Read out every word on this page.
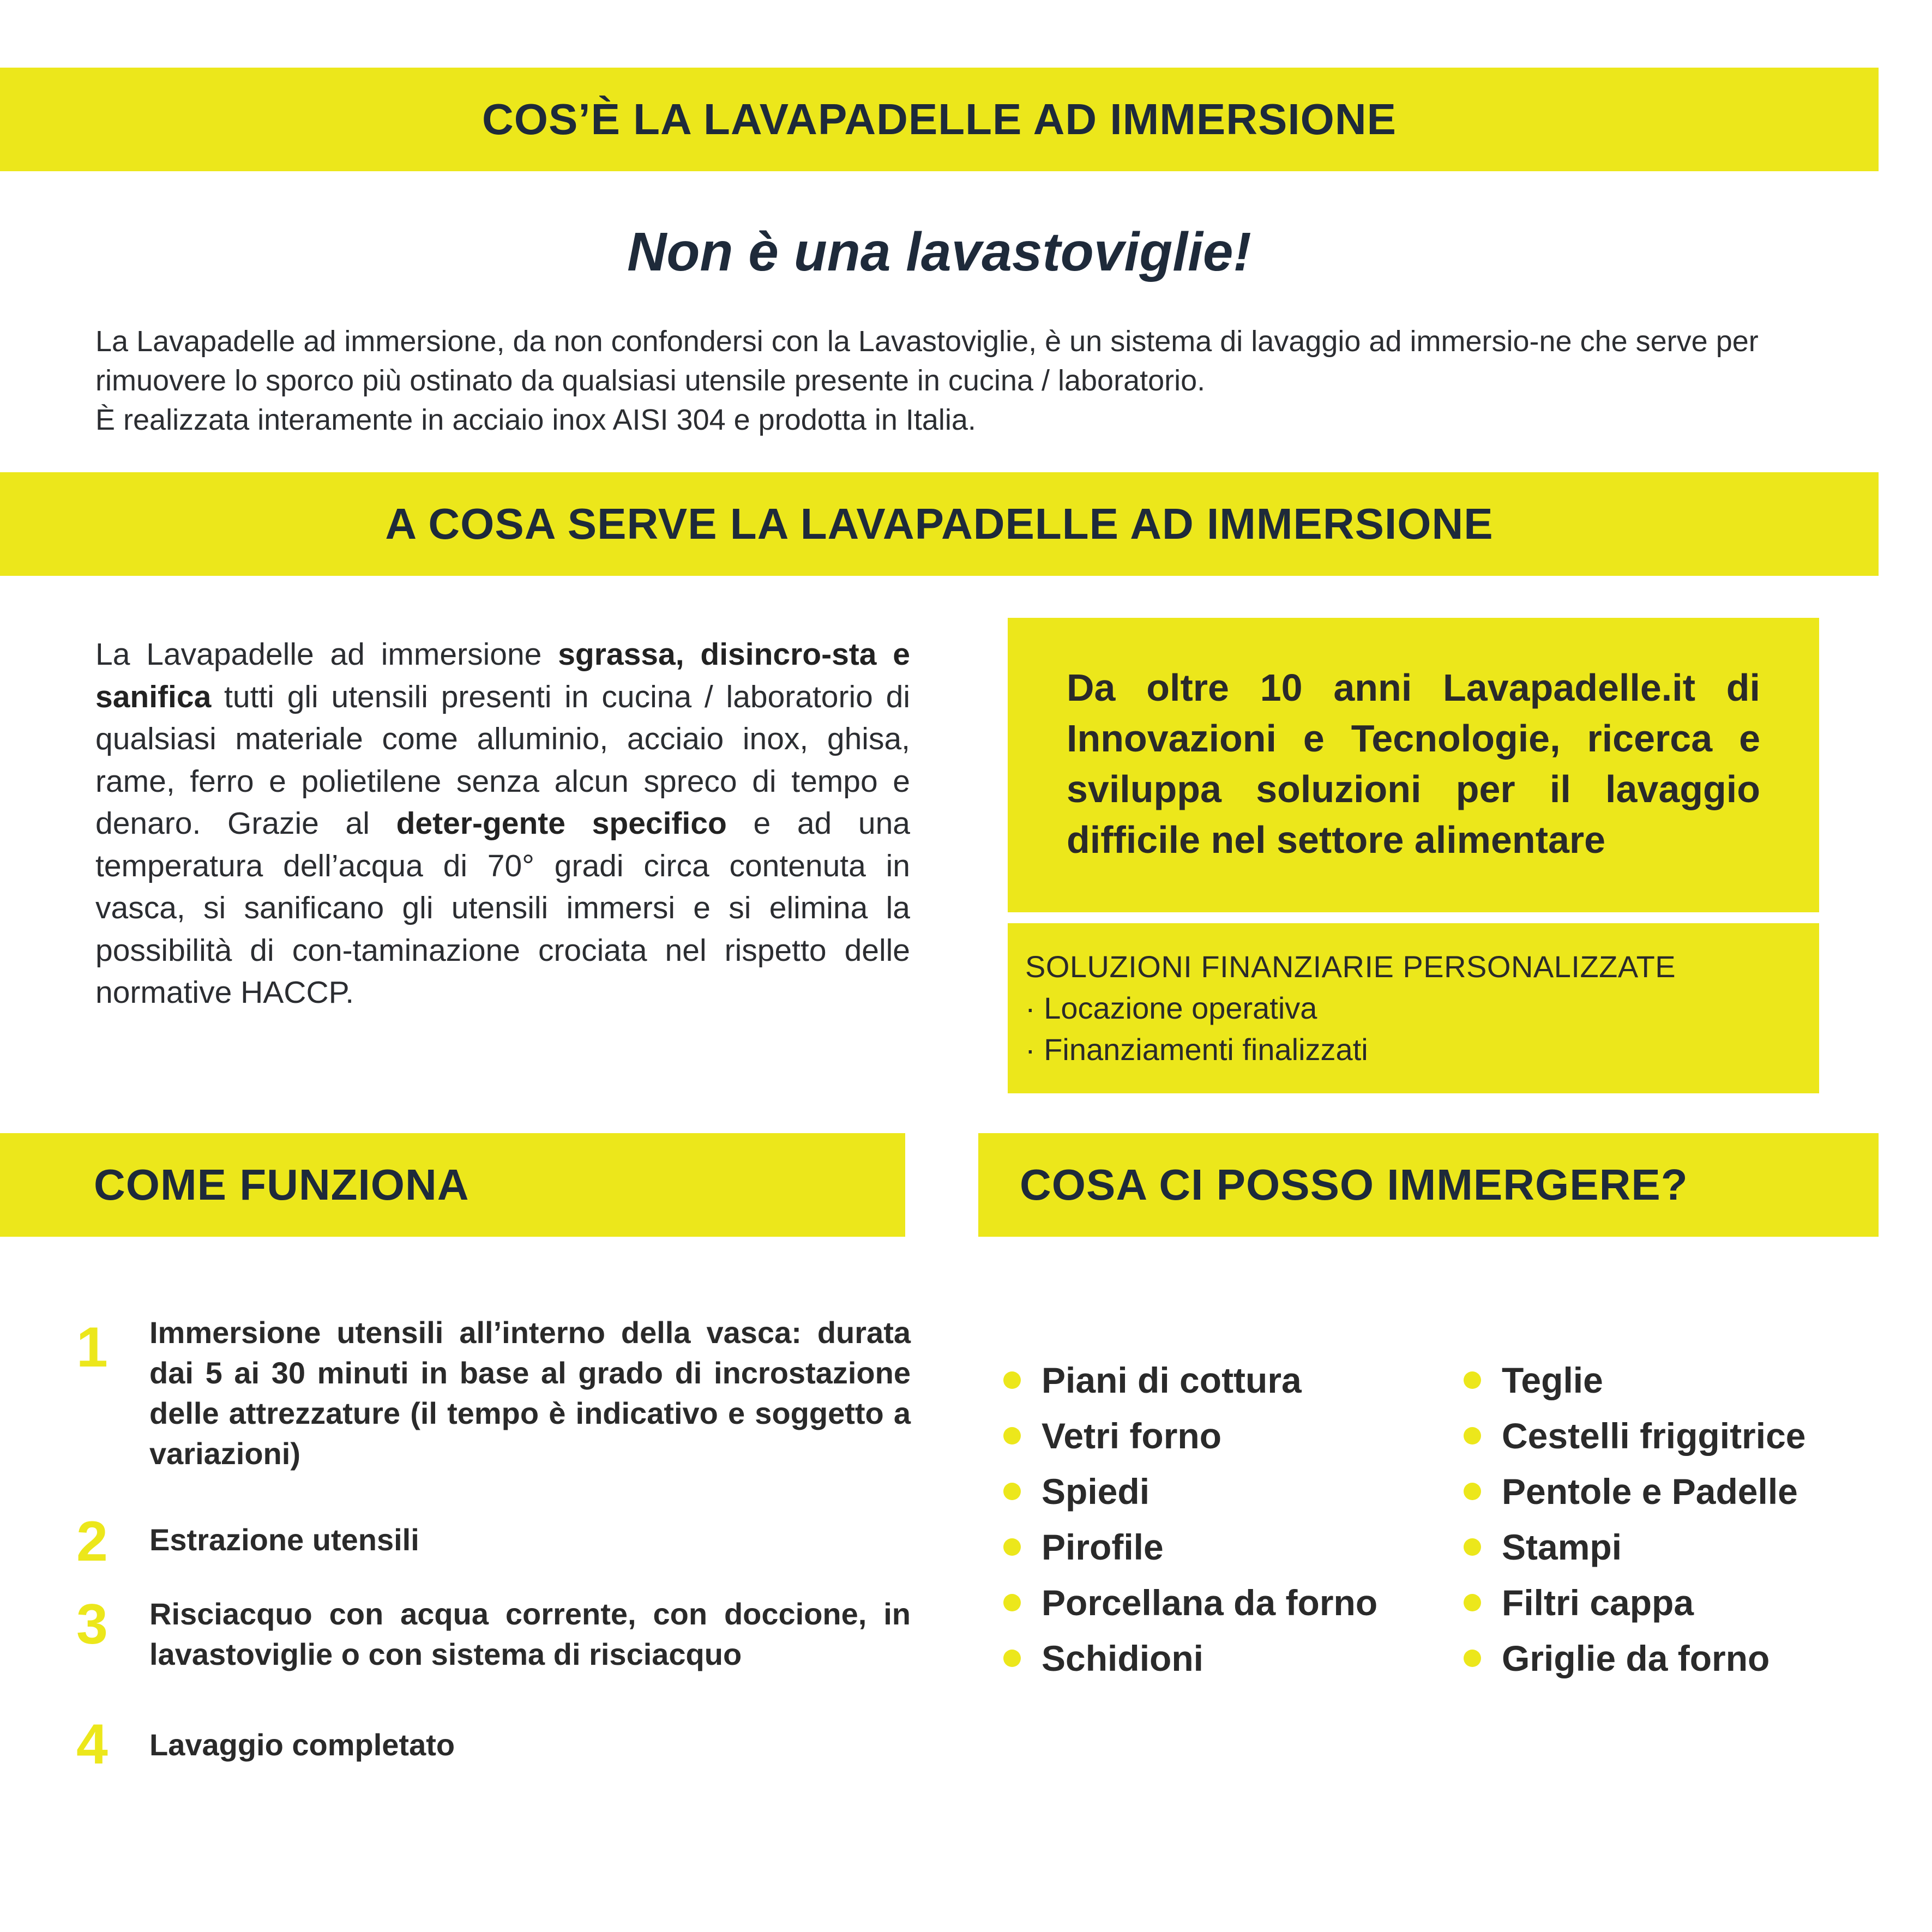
COS’È LA LAVAPADELLE AD IMMERSIONE
Non è una lavastoviglie!

La Lavapadelle ad immersione, da non confondersi con la Lavastoviglie, è un sistema di lavaggio ad immersio-ne che serve per rimuovere lo sporco più ostinato da qualsiasi utensile presente in cucina / laboratorio.

È realizzata interamente in acciaio inox AISI 304 e prodotta in Italia.

A COSA SERVE LA LAVAPADELLE AD IMMERSIONE
La Lavapadelle ad immersione sgrassa, disincro-sta e sanifica tutti gli utensili presenti in cucina / laboratorio di qualsiasi materiale come alluminio, acciaio inox, ghisa, rame, ferro e polietilene senza alcun spreco di tempo e denaro. Grazie al deter-gente specifico e ad una temperatura dell’acqua di 70° gradi circa contenuta in vasca, si sanificano gli utensili immersi e si elimina la possibilità di con-taminazione crociata nel rispetto delle normative HACCP.
Da oltre 10 anni Lavapadelle.it di Innovazioni e Tecnologie, ricerca e sviluppa soluzioni per il lavaggio difficile nel settore alimentare
SOLUZIONI FINANZIARIE PERSONALIZZATE
· Locazione operativa
· Finanziamenti finalizzati
COME FUNZIONA	COSA CI POSSO IMMERGERE?
1	Immersione utensili all’interno della vasca: durata dai 5 ai 30 minuti in base al grado di incrostazione delle attrezzature (il tempo è indicativo e soggetto a variazioni)
2	Estrazione utensili
3	Risciacquo con acqua corrente, con doccione, in lavastoviglie o con sistema di risciacquo
4	Lavaggio completato
Piani di cottura
Vetri forno
Spiedi
Pirofile
Porcellana da forno
Schidioni
Teglie
Cestelli friggitrice
Pentole e Padelle
Stampi
Filtri cappa
Griglie da forno
